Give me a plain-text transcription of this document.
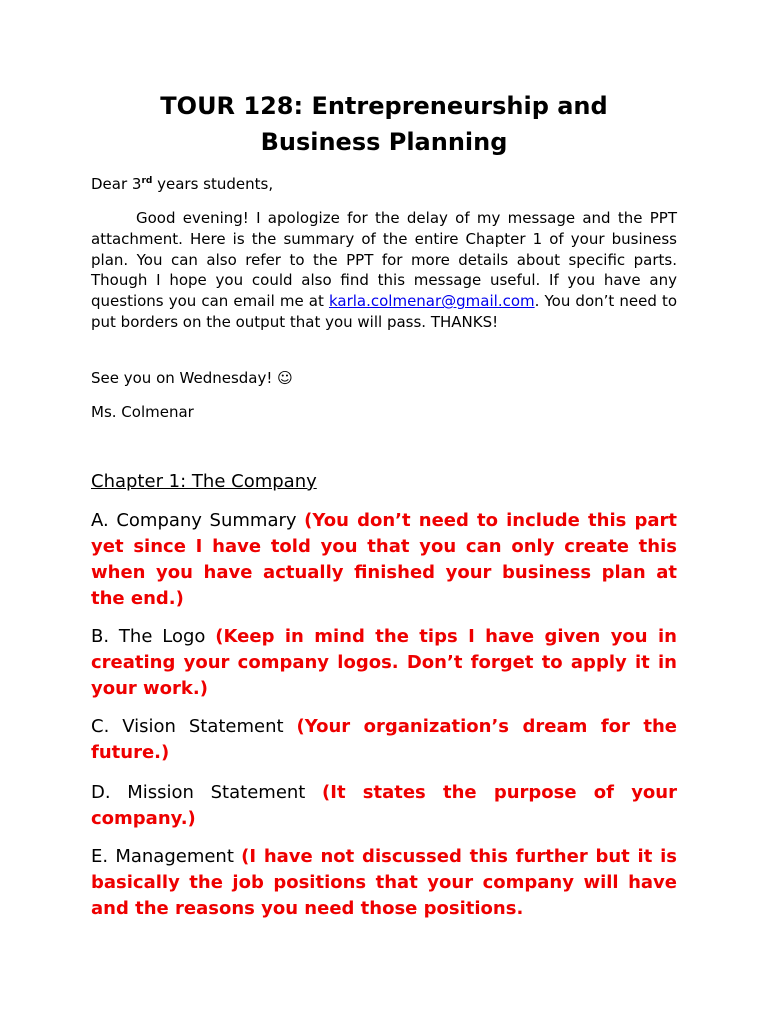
TOUR 128: Entrepreneurship and
Business Planning

Dear 3rd years students,

Good evening! I apologize for the delay of my message and the PPT attachment. Here is the summary of the entire Chapter 1 of your business plan. You can also refer to the PPT for more details about specific parts. Though I hope you could also find this message useful. If you have any questions you can email me at karla.colmenar@gmail.com. You don’t need to put borders on the output that you will pass. THANKS!

See you on Wednesday! ☺

Ms. Colmenar

Chapter 1: The Company

A. Company Summary (You don’t need to include this part yet since I have told you that you can only create this when you have actually finished your business plan at the end.)

B. The Logo (Keep in mind the tips I have given you in creating your company logos. Don’t forget to apply it in your work.)

C. Vision Statement (Your organization’s dream for the future.)

D. Mission Statement (It states the purpose of your company.)

E. Management (I have not discussed this further but it is basically the job positions that your company will have and the reasons you need those positions.
